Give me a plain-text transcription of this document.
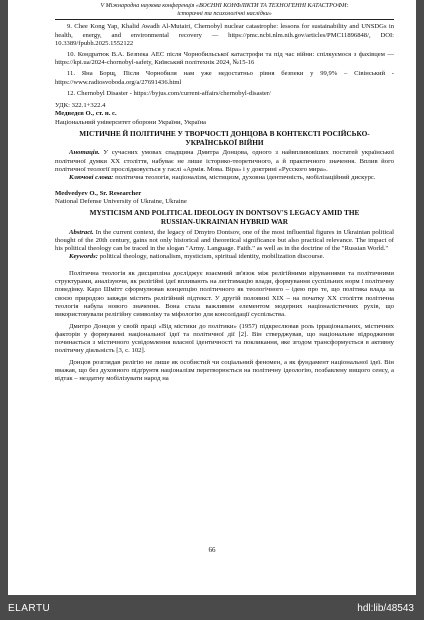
V Міжнародна наукова конференція «ВОЄННІ КОНФЛІКТИ ТА ТЕХНОГЕННІ КАТАСТРОФИ:
історичні та психологічні наслідки»

9. Chee Kong Yap, Khalid Awadh Al-Mutairi, Chernobyl nuclear catastrophe: lessons for sustainability and UNSDGs in health, energy, and environmental recovery — https://pmc.ncbi.nlm.nih.gov/articles/PMC11896848/, DOI: 10.3389/fpubh.2025.1552122

10. Кондратюк В.А. Безпека АЕС після Чорнобильської катастрофи та під час війни: спілкуємося з фахівцем — https://kpi.ua/2024-chornobyl-safety, Київський політехнік 2024, №15-16

11. Яна Борщ, Після Чорнобиля нам уже недостатньо рівня безпеки у 99,9% – Сівінський - https://www.radiosvoboda.org/a/27691436.html

12. Chernobyl Disaster - https://byjus.com/current-affairs/chernobyl-disaster/

УДК: 322.1+322.4

Медведєв О., ст. н. с.

Національний університет оборони України, Україна

МІСТИЧНЕ Й ПОЛІТИЧНЕ У ТВОРЧОСТІ ДОНЦОВА В КОНТЕКСТІ РОСІЙСЬКО-
УКРАЇНСЬКОЇ ВІЙНИ

Анотація. У сучасних умовах спадщина Дмитра Донцова, одного з найвпливовіших постатей української політичної думки XX століття, набуває не лише історико-теоретичного, а й практичного значення. Вплив його політичної теології прослідковується у гаслі «Армія. Мова. Віра» і у доктрині «Русского мира».

Ключові слова: політична теологія, націоналізм, містицизм, духовна ідентичність, мобілізаційний дискурс.

Medvedyev O., Sr. Researcher

National Defense University of Ukraine, Ukraine

MYSTICISM AND POLITICAL IDEOLOGY IN DONTSOV'S LEGACY AMID THE
RUSSIAN-UKRAINIAN HYBRID WAR

Abstract. In the current context, the legacy of Dmytro Dontsov, one of the most influential figures in Ukrainian political thought of the 20th century, gains not only historical and theoretical significance but also practical relevance. The impact of his political theology can be traced in the slogan "Army. Language. Faith." as well as in the doctrine of the "Russian World."

Keywords: political theology, nationalism, mysticism, spiritual identity, mobilization discourse.

Політична теологія як дисципліна досліджує взаємний зв'язок між релігійними віруваннями та політичними структурами, аналізуючи, як релігійні ідеї впливають на легітимацію влади, формування суспільних норм і політичну поведінку. Карл Шмітт сформулював концепцію політичного як теологічного – ідею про те, що політика влада за своєю природою завжди містить релігійний підтекст. У другій половині XIX – на початку XX століття політична теологія набула нового значення. Вона стала важливим елементом модерних націоналістичних рухів, що використовували релігійну символіку та міфологію для консолідації суспільства.

Дмитро Донцов у своїй праці «Від містики до політики» (1957) підкреслював роль ірраціональних, містичних факторів у формуванні національної ідеї та політичної дії [2]. Він стверджував, що національне відродження починається з містичного усвідомлення власної ідентичності та покликання, яке згодом трансформується в активну політичну діяльність [3, с. 102].

Донцов розглядав релігію не лише як особистий чи соціальний феномен, а як фундамент національної ідеї. Він вважав, що без духовного підґрунтя націоналізм перетворюється на політичну ідеологію, позбавлену вищого сенсу, а відтак – нездатну мобілізувати народ на

66
ELARTU	hdl:lib/48543
